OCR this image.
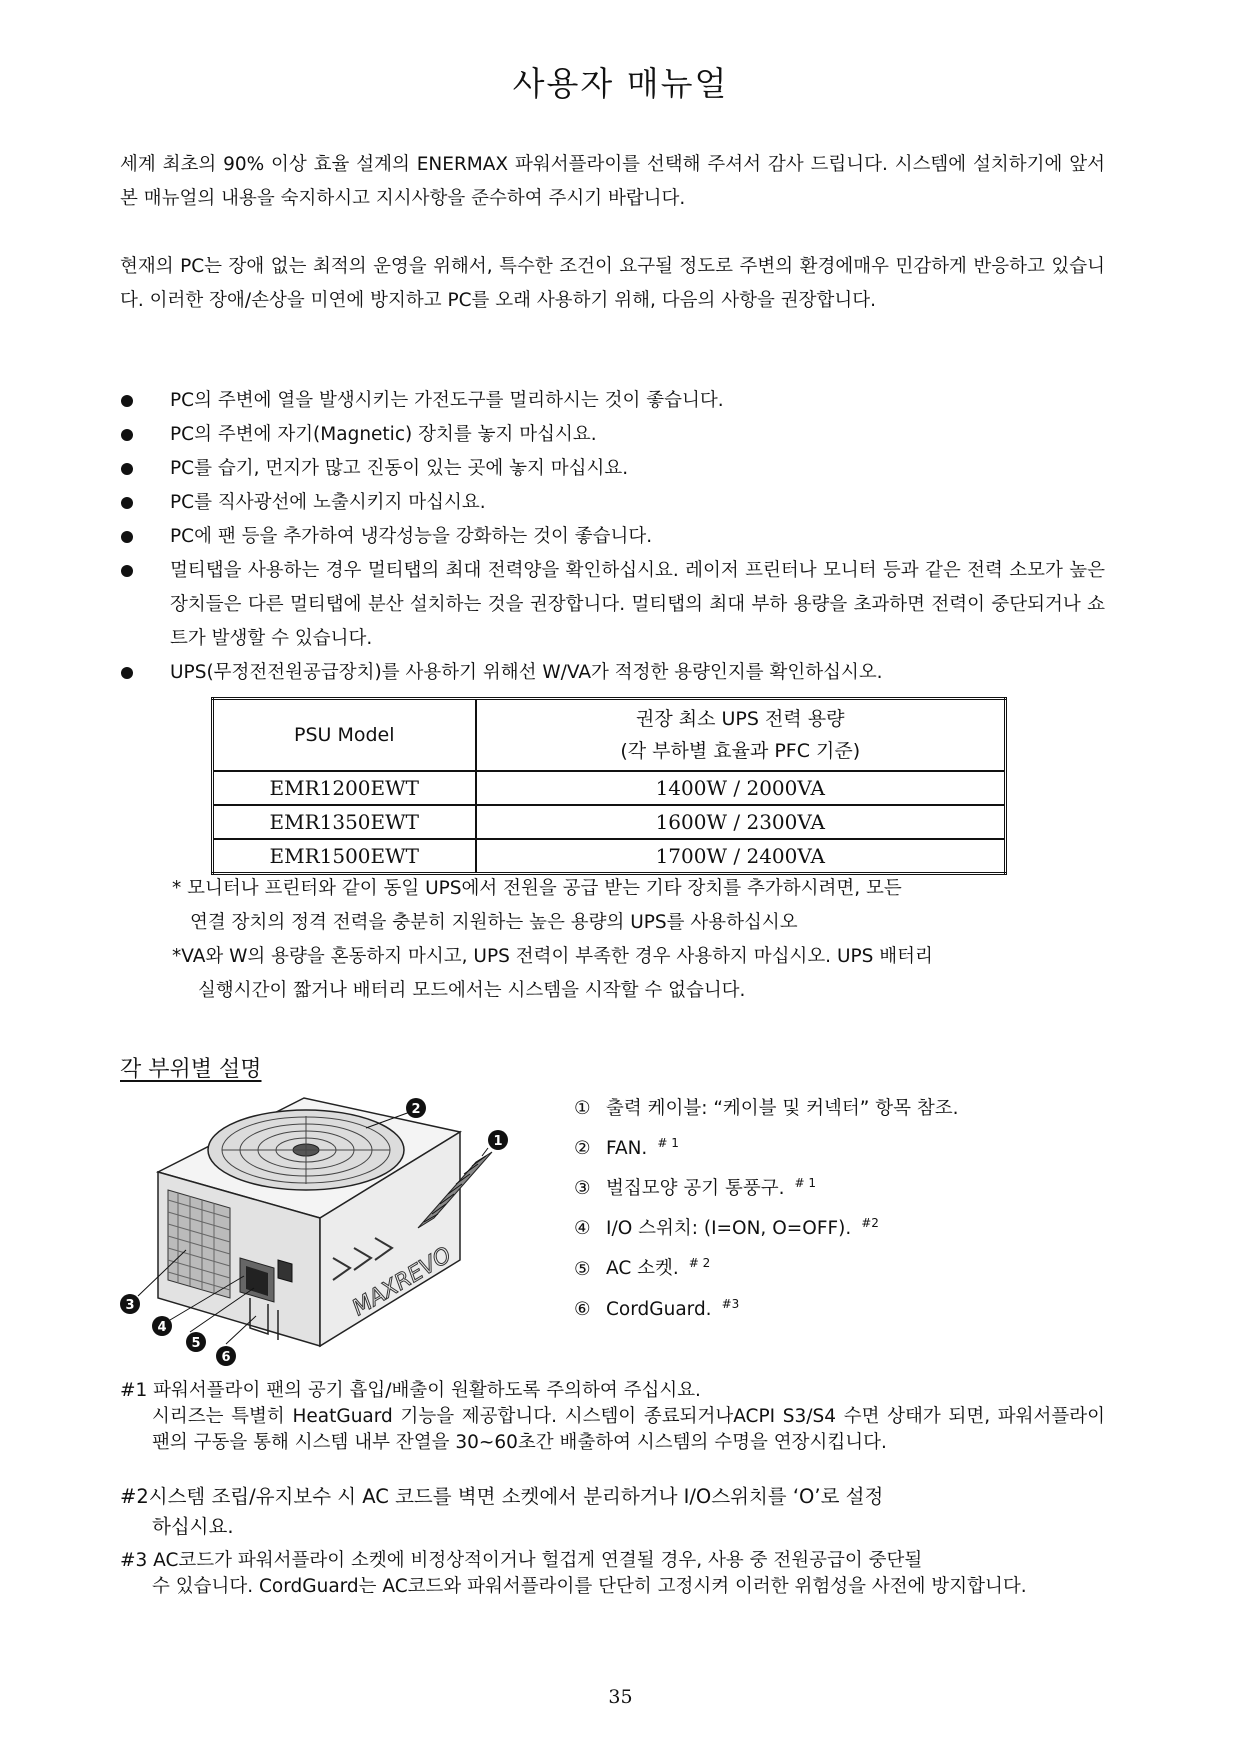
사용자 매뉴얼

세계 최초의 90% 이상 효율 설계의 ENERMAX 파워서플라이를 선택해 주셔서 감사 드립니다. 시스템에 설치하기에 앞서 본 매뉴얼의 내용을 숙지하시고 지시사항을 준수하여 주시기 바랍니다.

현재의 PC는 장애 없는 최적의 운영을 위해서, 특수한 조건이 요구될 정도로 주변의 환경에매우 민감하게 반응하고 있습니다. 이러한 장애/손상을 미연에 방지하고 PC를 오래 사용하기 위해, 다음의 사항을 권장합니다.

PC의 주변에 열을 발생시키는 가전도구를 멀리하시는 것이 좋습니다.
PC의 주변에 자기(Magnetic) 장치를 놓지 마십시요.
PC를 습기, 먼지가 많고 진동이 있는 곳에 놓지 마십시요.
PC를 직사광선에 노출시키지 마십시요.
PC에 팬 등을 추가하여 냉각성능을 강화하는 것이 좋습니다.
멀티탭을 사용하는 경우 멀티탭의 최대 전력양을 확인하십시요. 레이저 프린터나 모니터 등과 같은 전력 소모가 높은 장치들은 다른 멀티탭에 분산 설치하는 것을 권장합니다. 멀티탭의 최대 부하 용량을 초과하면 전력이 중단되거나 쇼트가 발생할 수 있습니다.
UPS(무정전전원공급장치)를 사용하기 위해선 W/VA가 적정한 용량인지를 확인하십시오.
PSU Model	권장 최소 UPS 전력 용량
(각 부하별 효율과 PFC 기준)

EMR1200EWT	1400W / 2000VA
EMR1350EWT	1600W / 2300VA
EMR1500EWT	1700W / 2400VA
* 모니터나 프린터와 같이 동일 UPS에서 전원을 공급 받는 기타 장치를 추가하시려면, 모든
연결 장치의 정격 전력을 충분히 지원하는 높은 용량의 UPS를 사용하십시오
*VA와 W의 용량을 혼동하지 마시고, UPS 전력이 부족한 경우 사용하지 마십시오. UPS 배터리
실행시간이 짧거나 배터리 모드에서는 시스템을 시작할 수 없습니다.
각 부위별 설명
MAXREVO
1
2
3
4
5
6
① 출력 케이블: “케이블 및 커넥터” 항목 참조.
② FAN. $^{\# 1}$
③ 벌집모양 공기 통풍구. $^{\# 1}$
④ I/O 스위치: (I=ON, O=OFF). $^{\#2}$
⑤ AC 소켓. $^{\# 2}$
⑥ CordGuard. $^{\#3}$
#1 파워서플라이 팬의 공기 흡입/배출이 원활하도록 주의하여 주십시요.
시리즈는 특별히 HeatGuard 기능을 제공합니다. 시스템이 종료되거나ACPI S3/S4 수면 상태가 되면, 파워서플라이 팬의 구동을 통해 시스템 내부 잔열을 30~60초간 배출하여 시스템의 수명을 연장시킵니다.
#2시스템 조립/유지보수 시 AC 코드를 벽면 소켓에서 분리하거나 I/O스위치를 ‘O’로 설정
하십시요.
#3 AC코드가 파워서플라이 소켓에 비정상적이거나 헐겁게 연결될 경우, 사용 중 전원공급이 중단될
수 있습니다. CordGuard는 AC코드와 파워서플라이를 단단히 고정시켜 이러한 위험성을 사전에 방지합니다.
35
